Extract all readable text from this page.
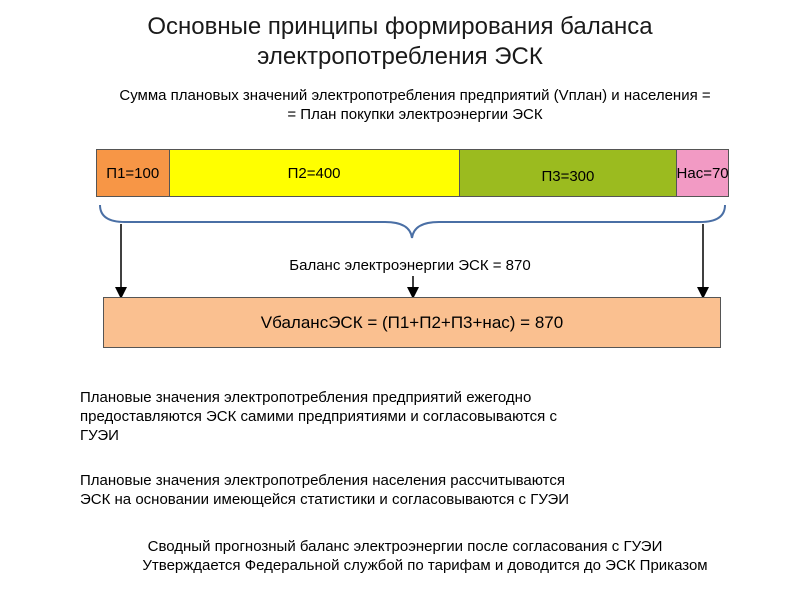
Основные принципы формирования баланса
электропотребления ЭСК
Сумма плановых значений электропотребления предприятий (Vплан) и населения =
= План покупки электроэнергии ЭСК
П1=100	П2=400	П3=300	Нас=70
Баланс электроэнергии ЭСК = 870
VбалансЭСК = (П1+П2+П3+нас) = 870
Плановые значения электропотребления предприятий ежегодно
предоставляются ЭСК самими предприятиями и согласовываются с
ГУЭИ
Плановые значения электропотребления населения рассчитываются
ЭСК на основании имеющейся статистики и согласовываются с ГУЭИ
Сводный прогнозный баланс электроэнергии после согласования с ГУЭИ
Утверждается Федеральной службой по тарифам и доводится до ЭСК Приказом
